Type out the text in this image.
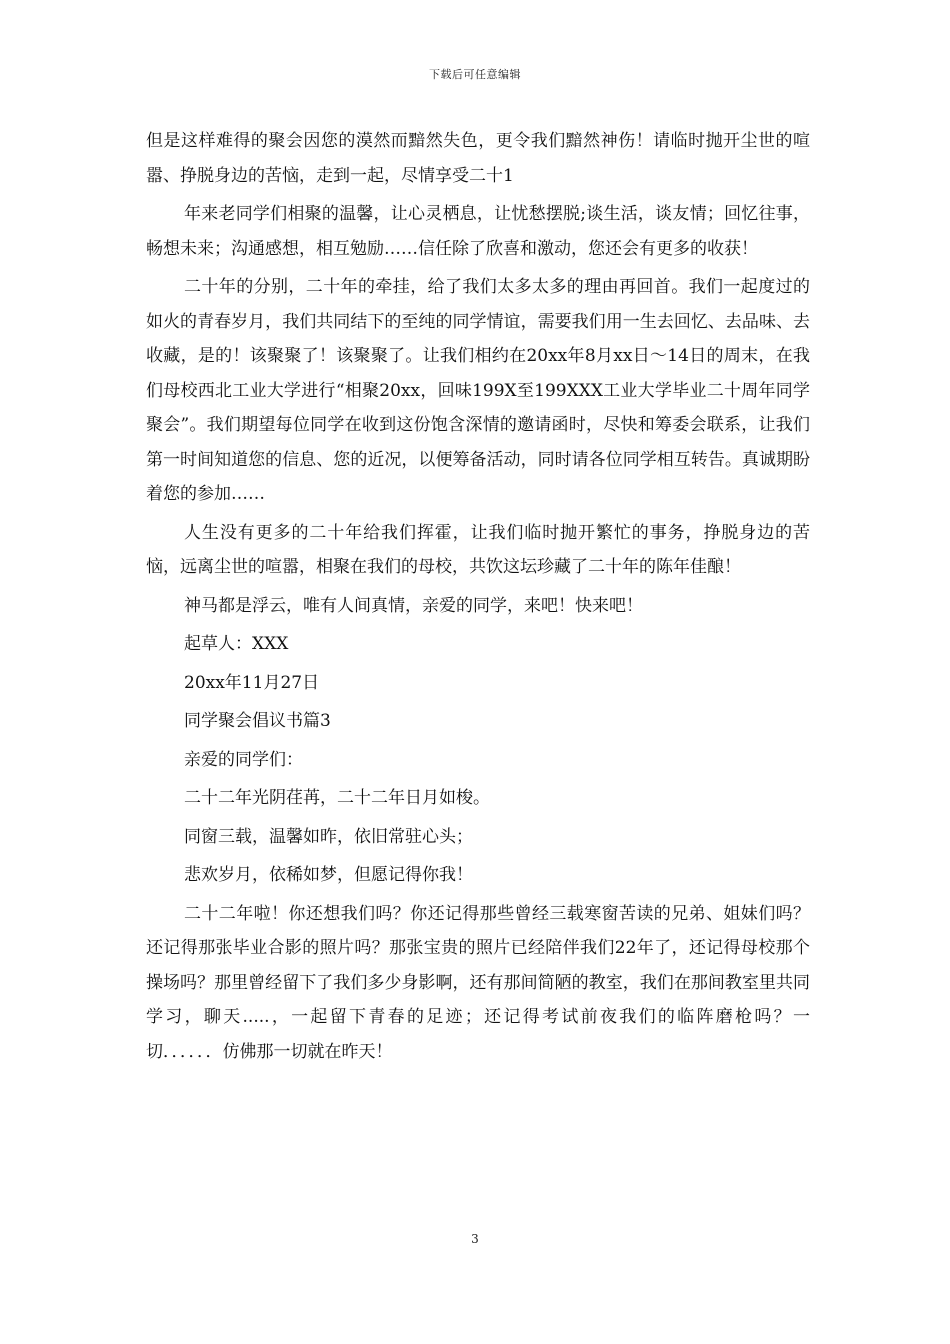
下载后可任意编辑

但是这样难得的聚会因您的漠然而黯然失色，更令我们黯然神伤！请临时抛开尘世的喧嚣、挣脱身边的苦恼，走到一起，尽情享受二十1

年来老同学们相聚的温馨，让心灵栖息，让忧愁摆脱;谈生活，谈友情；回忆往事，畅想未来；沟通感想，相互勉励……信任除了欣喜和激动，您还会有更多的收获！

二十年的分别，二十年的牵挂，给了我们太多太多的理由再回首。我们一起度过的如火的青春岁月，我们共同结下的至纯的同学情谊，需要我们用一生去回忆、去品味、去收藏，是的！该聚聚了！该聚聚了。让我们相约在20xx年8月xx日～14日的周末，在我们母校西北工业大学进行“相聚20xx，回味199X至199XXX工业大学毕业二十周年同学聚会”。我们期望每位同学在收到这份饱含深情的邀请函时，尽快和筹委会联系，让我们第一时间知道您的信息、您的近况，以便筹备活动，同时请各位同学相互转告。真诚期盼着您的参加……

人生没有更多的二十年给我们挥霍，让我们临时抛开繁忙的事务，挣脱身边的苦恼，远离尘世的喧嚣，相聚在我们的母校，共饮这坛珍藏了二十年的陈年佳酿！

神马都是浮云，唯有人间真情，亲爱的同学，来吧！快来吧！

起草人：XXX

20xx年11月27日

同学聚会倡议书篇3

亲爱的同学们：

二十二年光阴荏苒，二十二年日月如梭。

同窗三载，温馨如昨，依旧常驻心头；

悲欢岁月，依稀如梦，但愿记得你我！

二十二年啦！你还想我们吗？你还记得那些曾经三载寒窗苦读的兄弟、姐妹们吗？还记得那张毕业合影的照片吗？那张宝贵的照片已经陪伴我们22年了，还记得母校那个操场吗？那里曾经留下了我们多少身影啊，还有那间简陋的教室，我们在那间教室里共同学习，聊天.....，一起留下青春的足迹；还记得考试前夜我们的临阵磨枪吗？一切．．．．．．仿佛那一切就在昨天！

3
